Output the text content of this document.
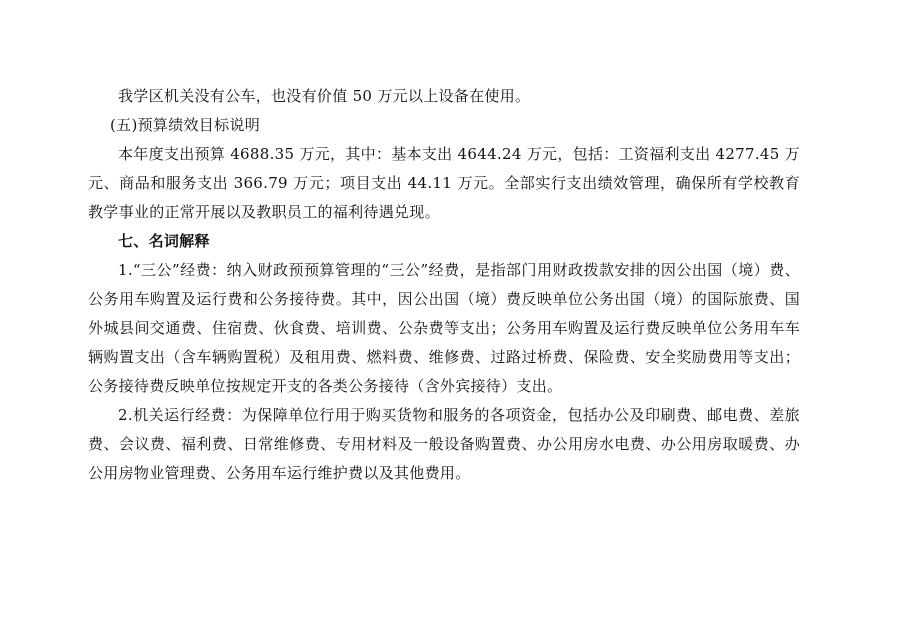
我学区机关没有公车，也没有价值 50 万元以上设备在使用。

(五)预算绩效目标说明

本年度支出预算 4688.35 万元，其中：基本支出 4644.24 万元，包括：工资福利支出 4277.45 万元、商品和服务支出 366.79 万元；项目支出 44.11 万元。全部实行支出绩效管理，确保所有学校教育教学事业的正常开展以及教职员工的福利待遇兑现。

七、名词解释

1.“三公”经费：纳入财政预预算管理的“三公”经费，是指部门用财政拨款安排的因公出国（境）费、公务用车购置及运行费和公务接待费。其中，因公出国（境）费反映单位公务出国（境）的国际旅费、国外城县间交通费、住宿费、伙食费、培训费、公杂费等支出；公务用车购置及运行费反映单位公务用车车辆购置支出（含车辆购置税）及租用费、燃料费、维修费、过路过桥费、保险费、安全奖励费用等支出；公务接待费反映单位按规定开支的各类公务接待（含外宾接待）支出。

2.机关运行经费：为保障单位行用于购买货物和服务的各项资金，包括办公及印刷费、邮电费、差旅费、会议费、福利费、日常维修费、专用材料及一般设备购置费、办公用房水电费、办公用房取暖费、办公用房物业管理费、公务用车运行维护费以及其他费用。
